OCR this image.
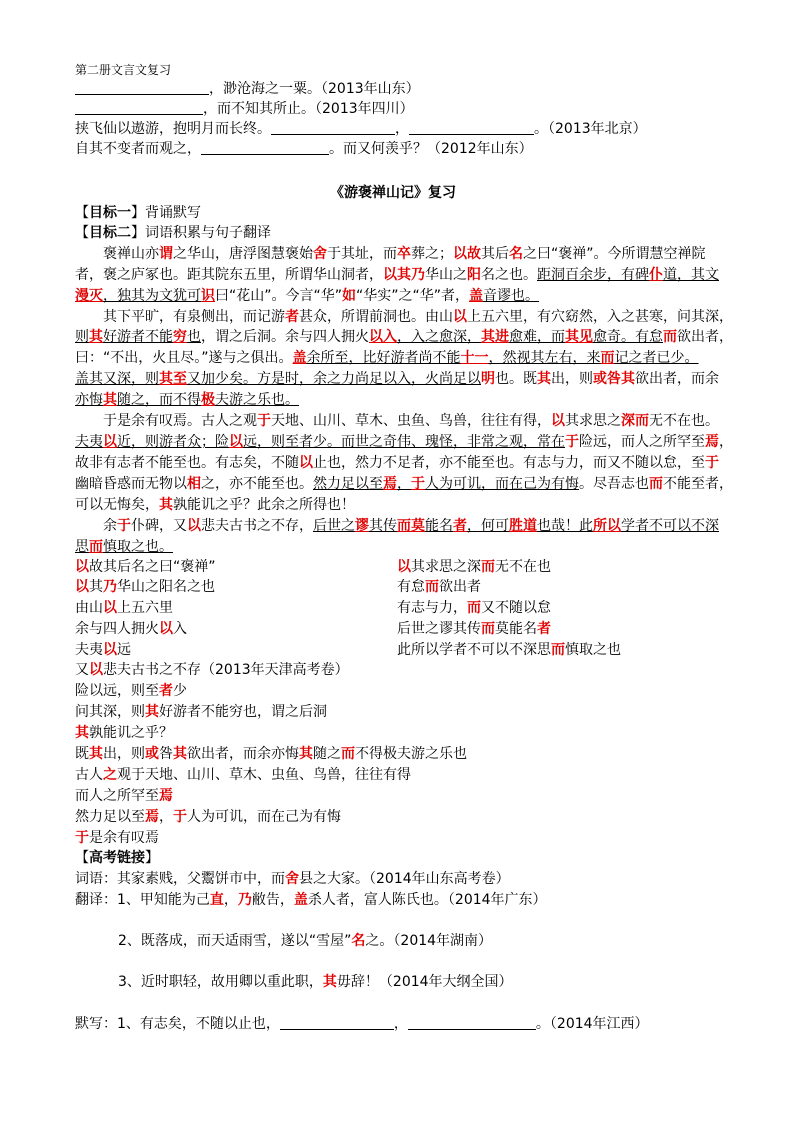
第二册文言文复习
，渺沧海之一粟。（2013年山东）
，而不知其所止。（2013年四川）
挟飞仙以遨游，抱明月而长终。	，	。（2013年北京）
自其不变者而观之，	。而又何羡乎？（2012年山东）
《游褒禅山记》复习
【目标一】背诵默写
【目标二】词语积累与句子翻译
褒禅山亦谓之华山，唐浮图慧褒始舍于其址，而卒葬之；以故其后名之曰“褒禅”。今所谓慧空禅院
者，褒之庐冢也。距其院东五里，所谓华山洞者，以其乃华山之阳名之也。距洞百余步，有碑仆道，其文
漫灭，独其为文犹可识曰“花山”。今言“华”如“华实”之“华”者，盖音谬也。
其下平旷，有泉侧出，而记游者甚众，所谓前洞也。由山以上五六里，有穴窈然，入之甚寒，问其深，
则其好游者不能穷也，谓之后洞。余与四人拥火以入，入之愈深，其进愈难，而其见愈奇。有怠而欲出者，
曰：“不出，火且尽。”遂与之俱出。盖余所至，比好游者尚不能十一，然视其左右，来而记之者已少。
盖其又深，则其至又加少矣。方是时，余之力尚足以入，火尚足以明也。既其出，则或咎其欲出者，而余
亦悔其随之，而不得极夫游之乐也。
于是余有叹焉。古人之观于天地、山川、草木、虫鱼、鸟兽，往往有得，以其求思之深而无不在也。
夫夷以近，则游者众；险以远，则至者少。而世之奇伟、瑰怪，非常之观，常在于险远，而人之所罕至焉，
故非有志者不能至也。有志矣，不随以止也，然力不足者，亦不能至也。有志与力，而又不随以怠，至于
幽暗昏惑而无物以相之，亦不能至也。然力足以至焉，于人为可讥，而在己为有悔。尽吾志也而不能至者，
可以无悔矣，其孰能讥之乎？此余之所得也！
余于仆碑，又以悲夫古书之不存，后世之谬其传而莫能名者，何可胜道也哉！此所以学者不可以不深
思而慎取之也。
以故其后名之曰“褒禅”
以其乃华山之阳名之也
由山以上五六里
余与四人拥火以入
夫夷以远
以其求思之深而无不在也
有怠而欲出者
有志与力，而又不随以怠
后世之谬其传而莫能名者
此所以学者不可以不深思而慎取之也
又以悲夫古书之不存（2013年天津高考卷）
险以远，则至者少
问其深，则其好游者不能穷也，谓之后洞
其孰能讥之乎？
既其出，则或咎其欲出者，而余亦悔其随之而不得极夫游之乐也
古人之观于天地、山川、草木、虫鱼、鸟兽，往往有得
而人之所罕至焉
然力足以至焉，于人为可讥，而在己为有悔
于是余有叹焉
【高考链接】
词语：其家素贱，父鬻饼市中，而舍县之大家。（2014年山东高考卷）
翻译：1、甲知能为己直，乃敝告，盖杀人者，富人陈氏也。（2014年广东）
2、既落成，而天适雨雪，遂以“雪屋”名之。（2014年湖南）
3、近时职轻，故用卿以重此职，其毋辞！（2014年大纲全国）
默写：1、有志矣，不随以止也，	，	。（2014年江西）
